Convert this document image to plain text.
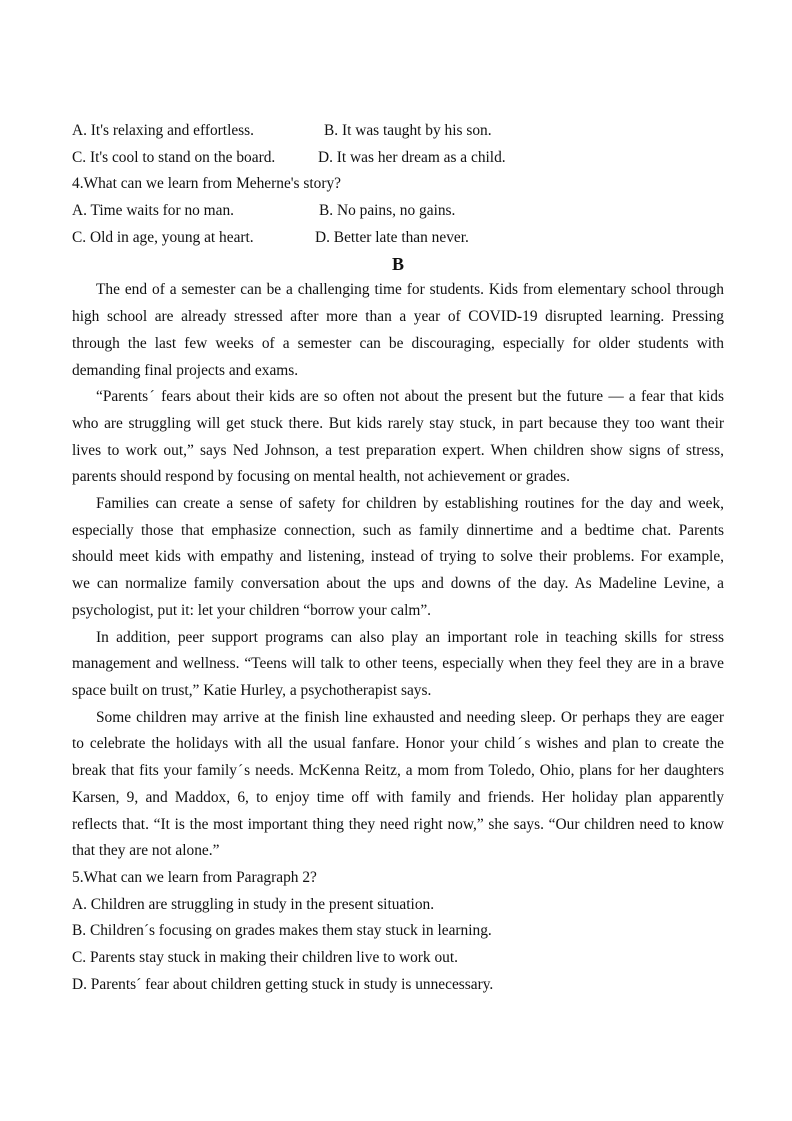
A. It's relaxing and effortless.	B. It was taught by his son.
C. It's cool to stand on the board.	D. It was her dream as a child.
4.What can we learn from Meherne's story?
A. Time waits for no man.	B. No pains, no gains.
C. Old in age, young at heart.	D. Better late than never.
B

The end of a semester can be a challenging time for students. Kids from elementary school through
high school are already stressed after more than a year of COVID-19 disrupted learning. Pressing
through the last few weeks of a semester can be discouraging, especially for older students with
demanding final projects and exams.

“Parentsˊ fears about their kids are so often not about the present but the future — a fear that kids
who are struggling will get stuck there. But kids rarely stay stuck, in part because they too want their
lives to work out,” says Ned Johnson, a test preparation expert. When children show signs of stress,
parents should respond by focusing on mental health, not achievement or grades.

Families can create a sense of safety for children by establishing routines for the day and week,
especially those that emphasize connection, such as family dinnertime and a bedtime chat. Parents
should meet kids with empathy and listening, instead of trying to solve their problems. For example,
we can normalize family conversation about the ups and downs of the day. As Madeline Levine, a
psychologist, put it: let your children “borrow your calm”.

In addition, peer support programs can also play an important role in teaching skills for stress
management and wellness. “Teens will talk to other teens, especially when they feel they are in a brave
space built on trust,” Katie Hurley, a psychotherapist says.

Some children may arrive at the finish line exhausted and needing sleep. Or perhaps they are eager
to celebrate the holidays with all the usual fanfare. Honor your childˊs wishes and plan to create the
break that fits your familyˊs needs. McKenna Reitz, a mom from Toledo, Ohio, plans for her daughters
Karsen, 9, and Maddox, 6, to enjoy time off with family and friends. Her holiday plan apparently
reflects that. “It is the most important thing they need right now,” she says. “Our children need to know
that they are not alone.”

5.What can we learn from Paragraph 2?
A. Children are struggling in study in the present situation.
B. Childrenˊs focusing on grades makes them stay stuck in learning.
C. Parents stay stuck in making their children live to work out.
D. Parentsˊ fear about children getting stuck in study is unnecessary.
